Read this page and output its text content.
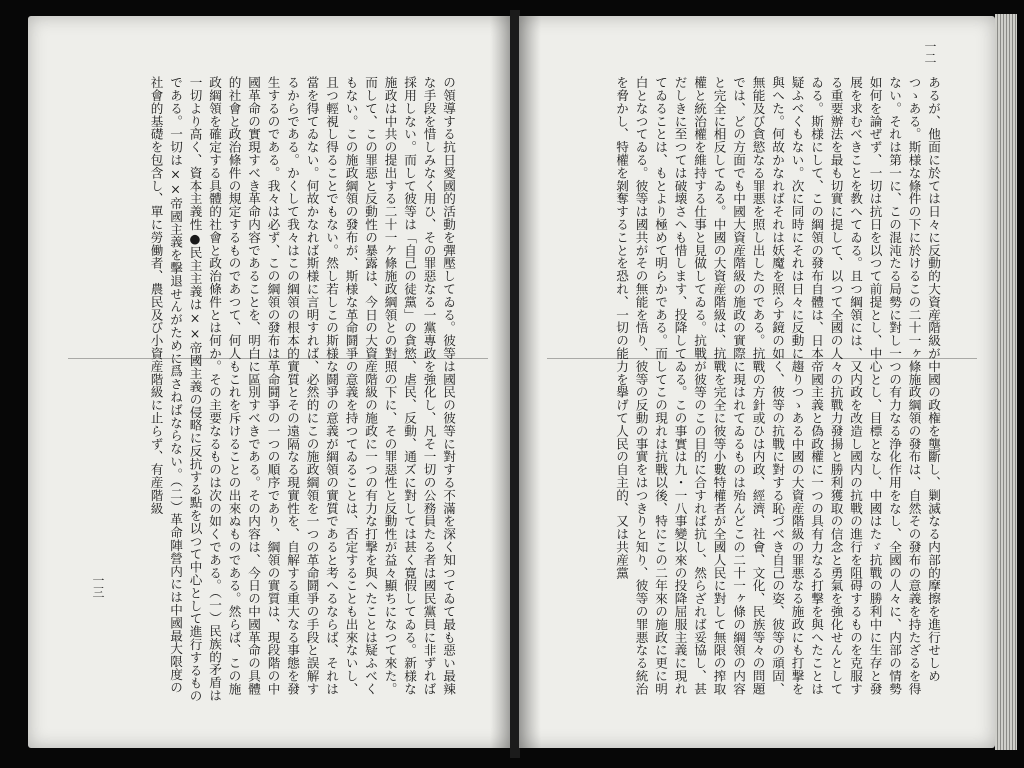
の領導する抗日愛國的活動を彈壓してゐる。彼等は國民の彼等に對する不滿を深く知つてゐて最も惡い最辣な手段を惜しみなく用ひ、その罪惡なる一黨專政を強化し、凡そ一切の公務員たる者は國民黨員に非ずれば採用しない。而して彼等は「自己の徒黨」の貪慾、虐民、反動、通ズに對しては甚く寛假してゐる。新様な施政は中共の提出する二十一ケ條施政綱領との對照の下に、その罪惡性と反動性が益々顯ちになつて來た。而して、この罪惡と反動性の暴露は、今日の大資産階級の施政に一つの有力な打撃を與へたことは疑ふべくもない。この施政綱領の發布が、斯様な革命鬪爭の意義を持つてゐることは、否定することも出來ないし、且つ輕視し得ることでもない。然し若しこの斯様な鬪爭の意義が綱領の實質であると考へるならば、それは當を得てゐない。何故かなれば斯様に言明すれば、必然的にこの施政綱領を一つの革命鬪爭の手段と誤解するからである。かくして我々はこの綱領の根本的實質とその遠隔なる現實性を、自解する重大なる事態を發生するのである。我々は必ず、この綱領の發布は革命鬪爭の一つの順序であり、綱領の實質は、現段階の中國革命の實現すべき革命内容であることを、明白に區別すべきである。その内容は、今日の中國革命の具體的社會と政治條件の規定するものであつて、何人もこれを斥けることの出來ぬものである。然らば、この施政綱領を確定する具體的社會と政治條件とは何か。その主要なるものは次の如くである。（一）民族的矛盾は一切より高く、資本主義性●民主主義は××帝國主義の侵略に反抗する點を以つて中心として進行するものである。一切は××帝國主義を擊退せんがために爲さねばならない。（二）革命陣營内には中國最大限度の社會的基礎を包含し、單に勞働者、農民及び小資産階級に止らず、有産階級

一三
一二

あるが、他面に於ては日々に反動的大資産階級が中國の政権を壟斷し、剿滅なる内部的摩擦を進行せしめつゝある。斯様な條件の下に於けるこの二十一ヶ條施政綱領の發布は、自然その發布の意義を持たざるを得ない。それは第一に、この混沌たる局勢に對し一つの有力なる浄化作用をなし、全國の人々に、内部の情勢如何を論ぜず、一切は抗日を以つて前提とし、中心とし、目標となし、中國はたゞ抗戰の勝利中に生存と發展を求むべきことを教へてゐる。且つ綱領には、又内政を改造し國内の抗戰の進行を阻碍するものを克服する重要辦法を最も切實に提して、以つて全國の人々の抗戰力發揚と勝利獲取の信念と勇氣を強化せんとしてゐる。斯様にして、この綱領の發布自體は、日本帝國主義と偽政權に一つの具有力なる打撃を與へたことは疑ふべくもない。次に同時にそれは日々に反動に趨りつゝある中國の大資産階級の罪悪なる施政にも打撃を與へた。何故かなればそれは妖魔を照らす鏡の如く、彼等の抗戰に對する恥づべき自己の姿、彼等の頑固、無能及び貪慾なる罪悪を照し出したのである。抗戰の方針或ひは内政、經濟、社會、文化、民族等々の問題では、どの方面でも中國大資産階級の施政の實際に現はれてゐるものは殆んどこの二十一ヶ條の綱領の内容と完全に相反してゐる。中國の大資産階級は、抗戰を完全に彼等小數特權者が全國人民に對して無限の搾取權と統治權を維持する仕事と見做してゐる。抗戰が彼等のこの目的に合すれば抗し、然らざれば妥協し、甚だしきに至つては破壊さへも惜します、投降してゐる。この事實は九・一八事變以來の投降屈服主義に現れてゐることは、もとより極めて明らかである。而してこの現れは抗戰以後、特にこの二年來の施政に更に明白となつてゐる。彼等は國共がその無能を悟り、彼等の反動の事實をはつきりと知り、彼等の罪悪なる統治を脅かし、特權を剝奪することを恐れ、一切の能力を擧げて人民の自主的、又は共産黨
